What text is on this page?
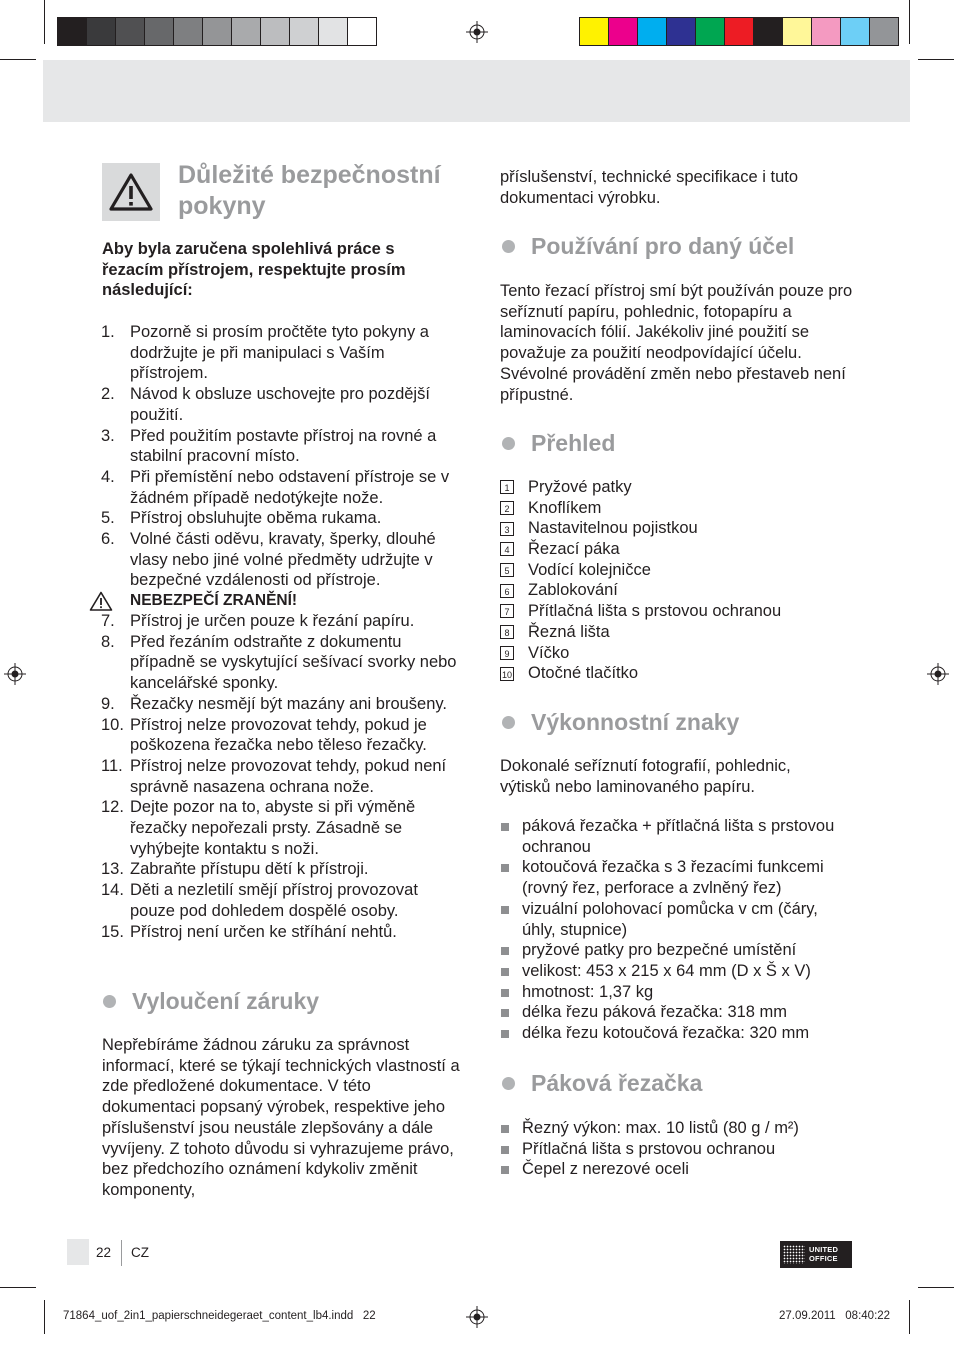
Důležité bezpečnostní pokyny
Aby byla zaručena spolehlivá práce s řezacím přístrojem, respektujte prosím následující:
1. Pozorně si prosím pročtěte tyto pokyny a dodržujte je při manipulaci s Vaším přístrojem.
2. Návod k obsluze uschovejte pro pozdější použití.
3. Před použitím postavte přístroj na rovné a stabilní pracovní místo.
4. Při přemístění nebo odstavení přístroje se v žádném případě nedotýkejte nože.
5. Přístroj obsluhujte oběma rukama.
6. Volné části oděvu, kravaty, šperky, dlouhé vlasy nebo jiné volné předměty udržujte v bezpečné vzdálenosti od přístroje.
NEBEZPEČÍ ZRANĚNÍ!
7. Přístroj je určen pouze k řezání papíru.
8. Před řezáním odstraňte z dokumentu případně se vyskytující sešívací svorky nebo kancelářské sponky.
9. Řezačky nesmějí být mazány ani broušeny.
10. Přístroj nelze provozovat tehdy, pokud je poškozena řezačka nebo těleso řezačky.
11. Přístroj nelze provozovat tehdy, pokud není správně nasazena ochrana nože.
12. Dejte pozor na to, abyste si při výměně řezačky nepořezali prsty. Zásadně se vyhýbejte kontaktu s noži.
13. Zabraňte přístupu dětí k přístroji.
14. Děti a nezletilí smějí přístroj provozovat pouze pod dohledem dospělé osoby.
15. Přístroj není určen ke stříhání nehtů.
Vyloučení záruky
Nepřebíráme žádnou záruku za správnost informací, které se týkají technických vlastností a zde předložené dokumentace. V této dokumentaci popsaný výrobek, respektive jeho příslušenství jsou neustále zlepšovány a dále vyvíjeny. Z tohoto důvodu si vyhrazujeme právo, bez předchozího oznámení kdykoliv změnit komponenty,
příslušenství, technické specifikace i tuto dokumentaci výrobku.
Používání pro daný účel
Tento řezací přístroj smí být používán pouze pro seříznutí papíru, pohlednic, fotopapíru a laminovacích fólií. Jakékoliv jiné použití se považuje za použití neodpovídající účelu. Svévolné provádění změn nebo přestaveb není přípustné.
Přehled
1 Pryžové patky
2 Knoflíkem
3 Nastavitelnou pojistkou
4 Řezací páka
5 Vodící kolejničce
6 Zablokování
7 Přítlačná lišta s prstovou ochranou
8 Řezná lišta
9 Víčko
10 Otočné tlačítko
Výkonnostní znaky
Dokonalé seříznutí fotografií, pohlednic, výtisků nebo laminovaného papíru.
páková řezačka + přítlačná lišta s prstovou ochranou
kotoučová řezačka s 3 řezacími funkcemi (rovný řez, perforace a zvlněný řez)
vizuální polohovací pomůcka v cm (čáry, úhly, stupnice)
pryžové patky pro bezpečné umístění
velikost: 453 x 215 x 64 mm (D x Š x V)
hmotnost: 1,37 kg
délka řezu páková řezačka: 318 mm
délka řezu kotoučová řezačka: 320 mm
Páková řezačka
Řezný výkon: max. 10 listů (80 g / m²)
Přítlačná lišta s prstovou ochranou
Čepel z nerezové oceli
22 CZ	UNITED
OFFICE
71864_uof_2in1_papierschneidegeraet_content_lb4.indd   22	27.09.2011   08:40:22
